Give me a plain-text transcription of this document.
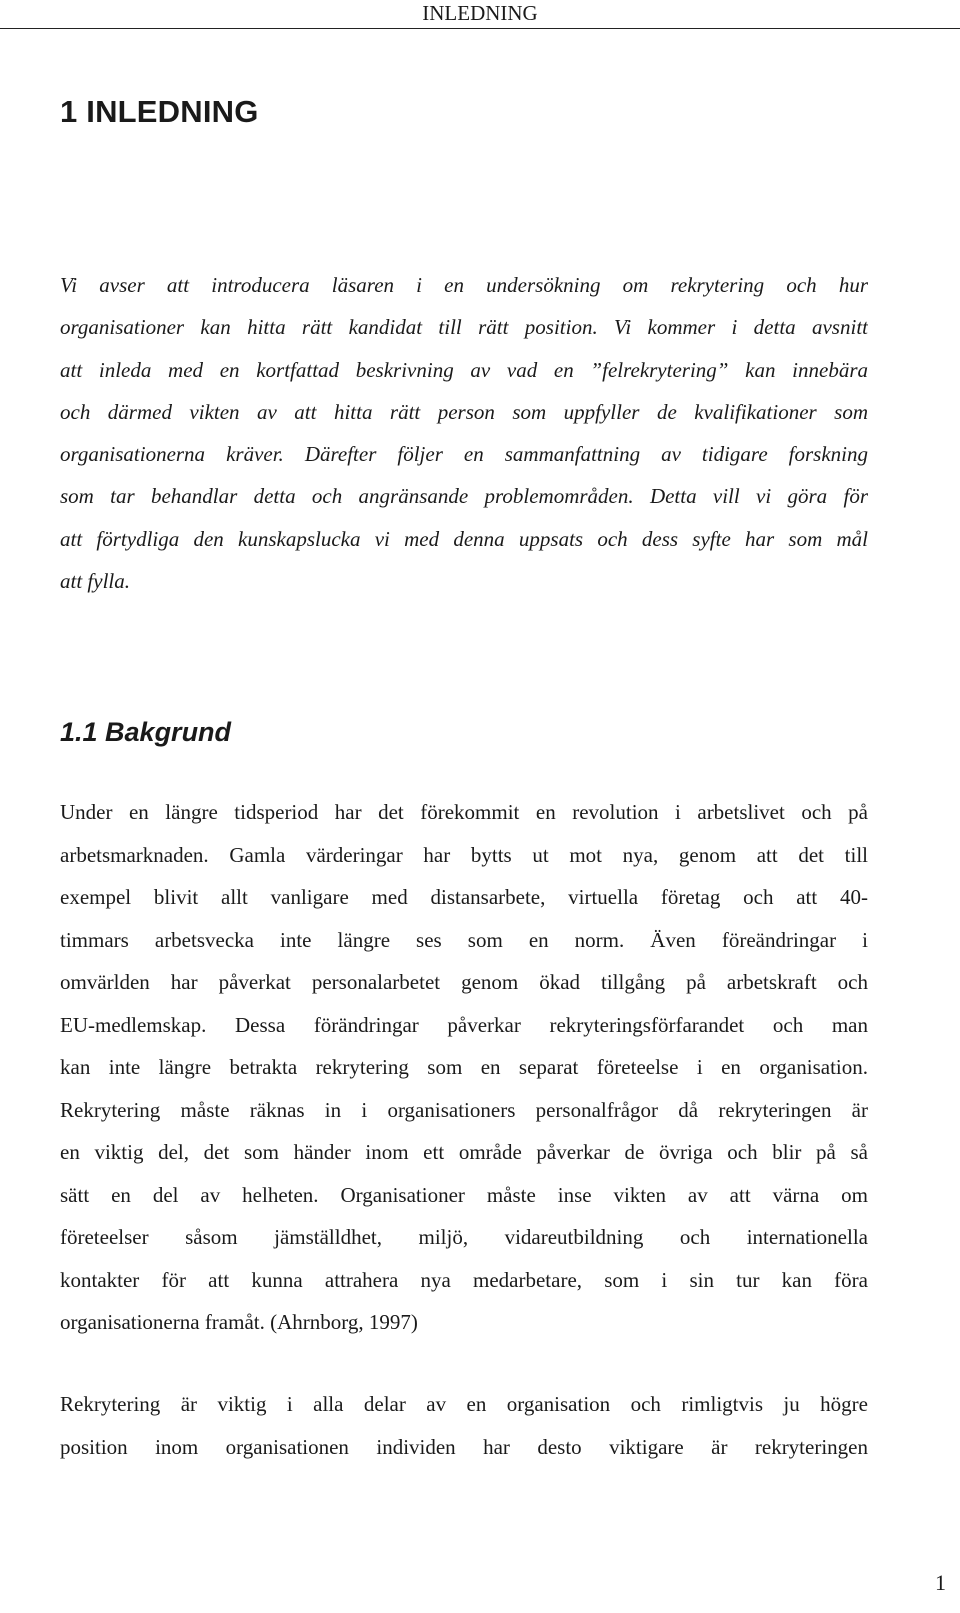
INLEDNING
1 INLEDNING
Vi avser att introducera läsaren i en undersökning om rekrytering och hur
organisationer kan hitta rätt kandidat till rätt position. Vi kommer i detta avsnitt
att inleda med en kortfattad beskrivning av vad en ”felrekrytering” kan innebära
och därmed vikten av att hitta rätt person som uppfyller de kvalifikationer som
organisationerna kräver. Därefter följer en sammanfattning av tidigare forskning
som tar behandlar detta och angränsande problemområden. Detta vill vi göra för
att förtydliga den kunskapslucka vi med denna uppsats och dess syfte har som mål
att fylla.
1.1 Bakgrund
Under en längre tidsperiod har det förekommit en revolution i arbetslivet och på
arbetsmarknaden. Gamla värderingar har bytts ut mot nya, genom att det till
exempel blivit allt vanligare med distansarbete, virtuella företag och att 40-
timmars arbetsvecka inte längre ses som en norm. Även föreändringar i
omvärlden har påverkat personalarbetet genom ökad tillgång på arbetskraft och
EU-medlemskap. Dessa förändringar påverkar rekryteringsförfarandet och man
kan inte längre betrakta rekrytering som en separat företeelse i en organisation.
Rekrytering måste räknas in i organisationers personalfrågor då rekryteringen är
en viktig del, det som händer inom ett område påverkar de övriga och blir på så
sätt en del av helheten. Organisationer måste inse vikten av att värna om
företeelser såsom jämställdhet, miljö, vidareutbildning och internationella
kontakter för att kunna attrahera nya medarbetare, som i sin tur kan föra
organisationerna framåt. (Ahrnborg, 1997)
Rekrytering är viktig i alla delar av en organisation och rimligtvis ju högre
position inom organisationen individen har desto viktigare är rekryteringen
1
